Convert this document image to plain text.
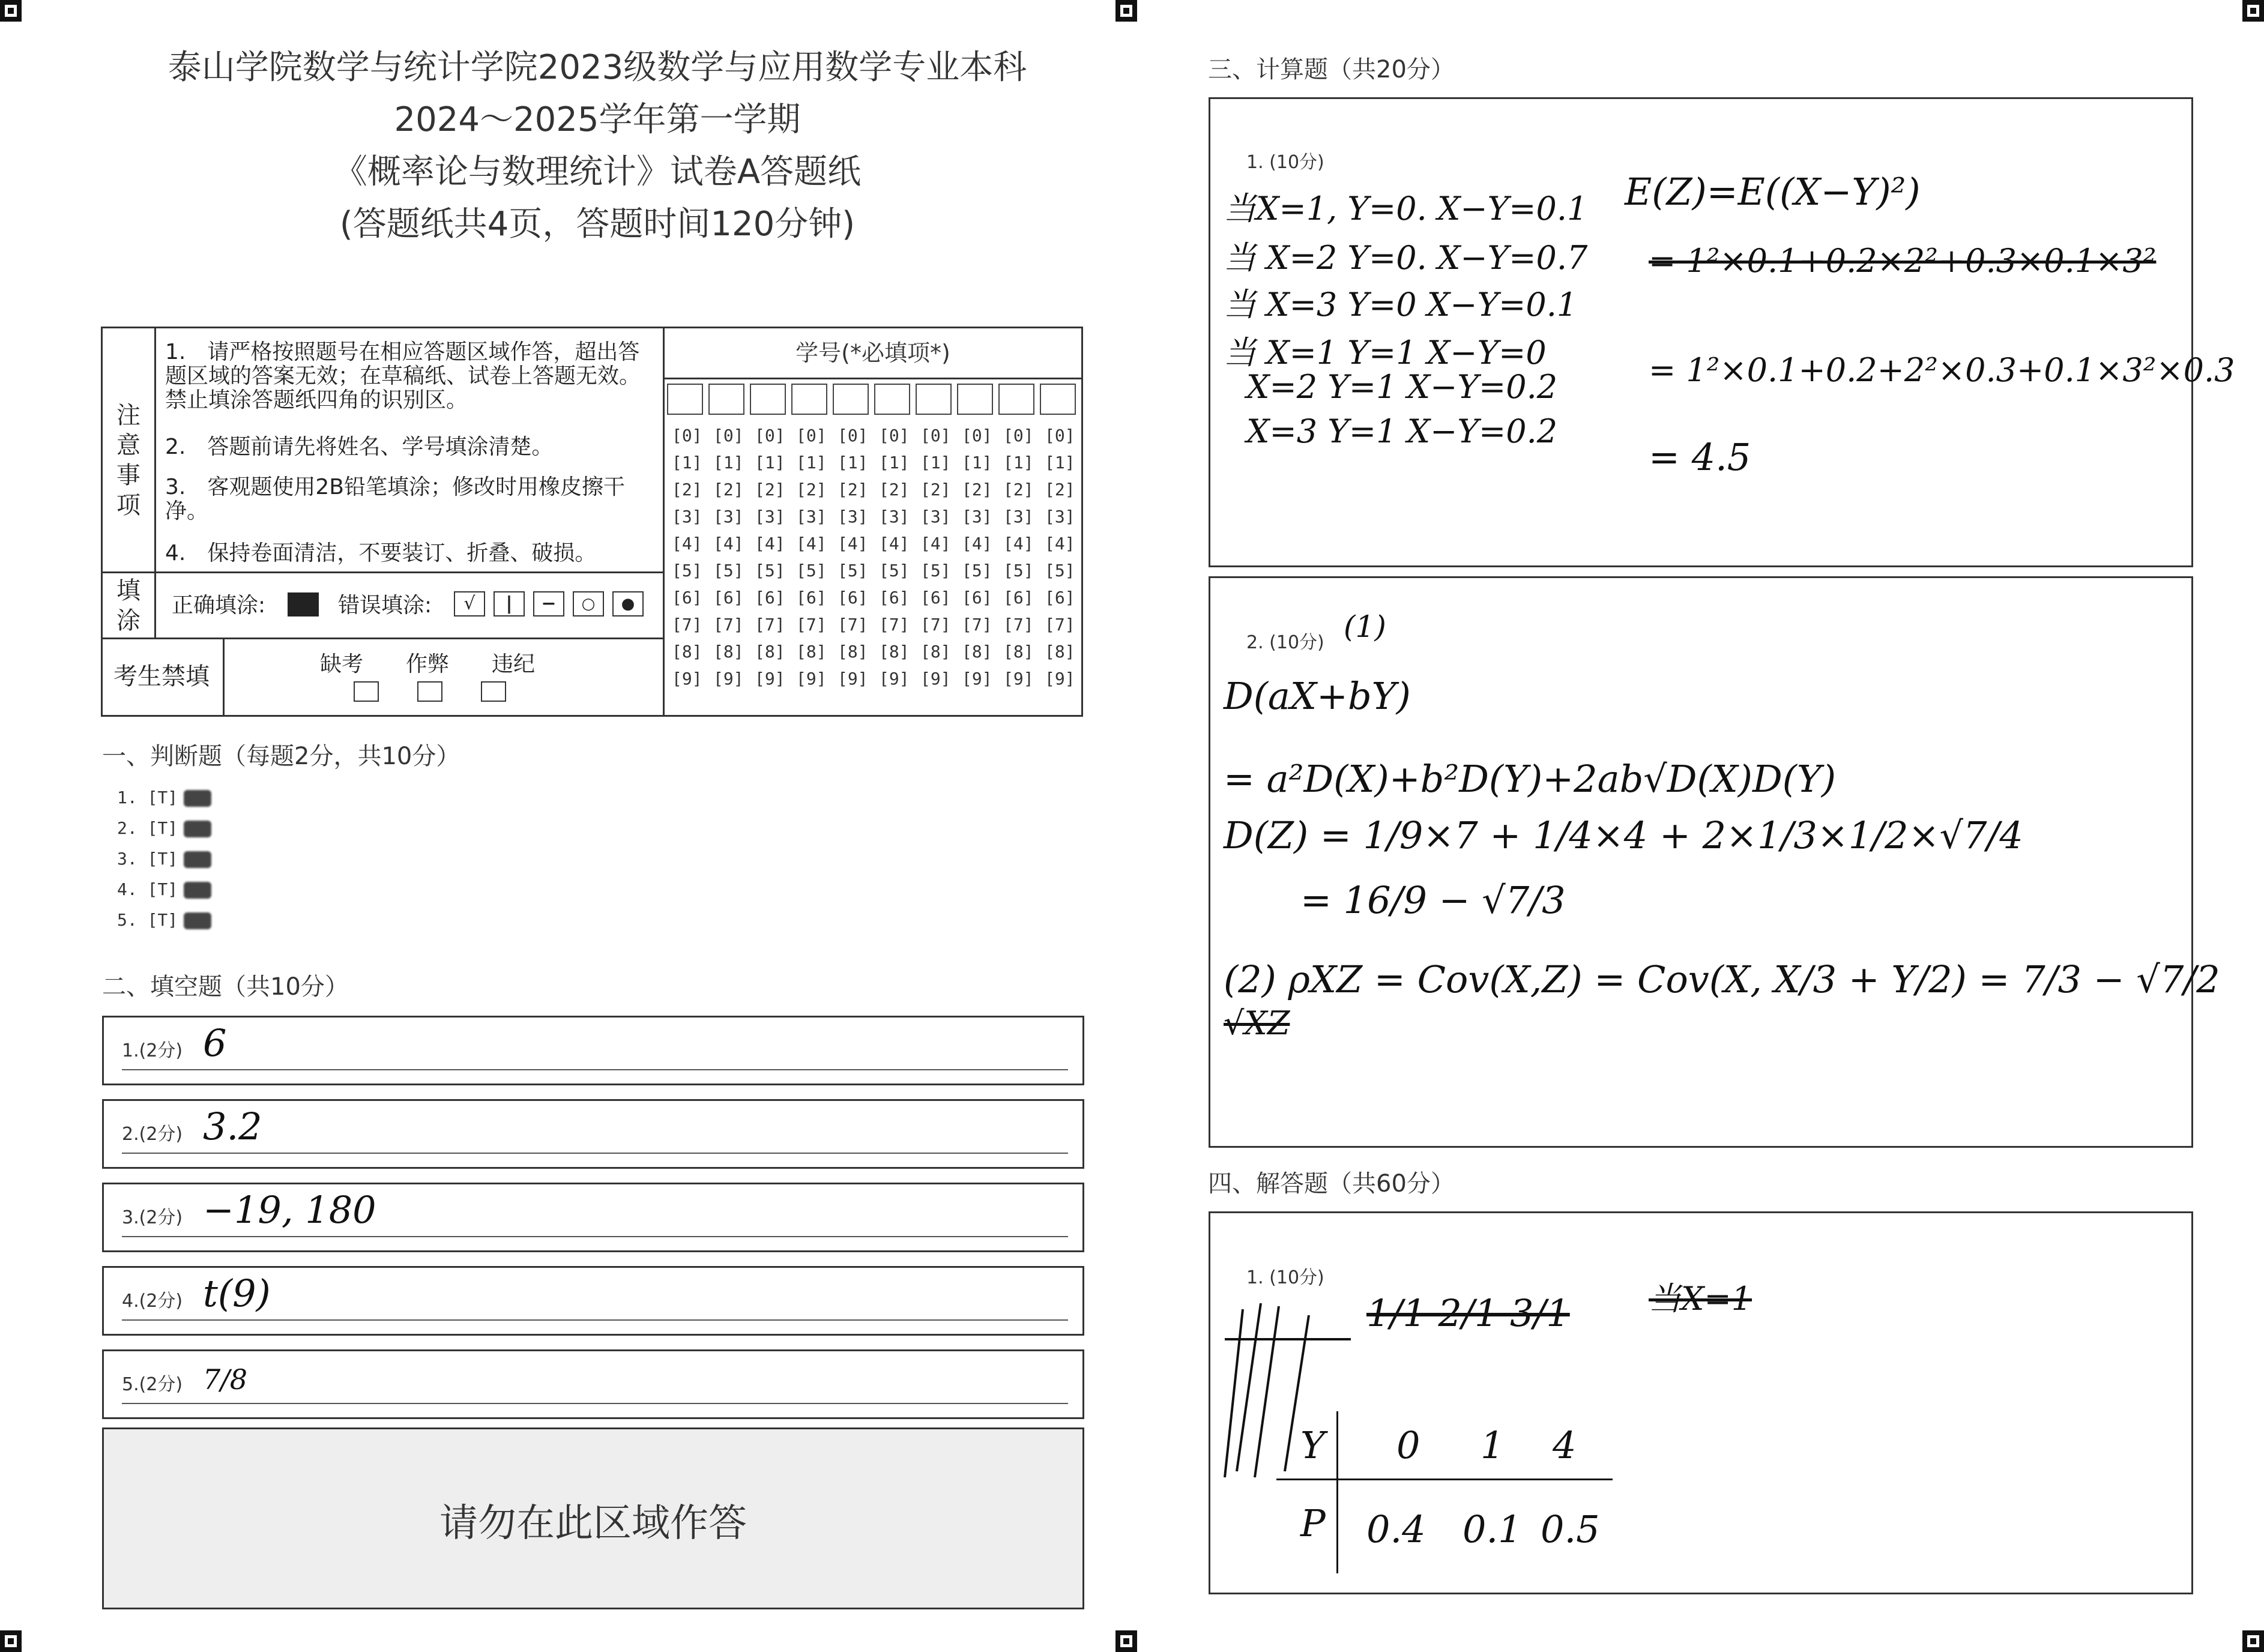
泰山学院数学与统计学院2023级数学与应用数学专业本科
2024～2025学年第一学期
《概率论与数理统计》试卷A答题纸
(答题纸共4页，答题时间120分钟)
注意事项
1.　请严格按照题号在相应答题区域作答，超出答题区域的答案无效；在草稿纸、试卷上答题无效。禁止填涂答题纸四角的识别区。
2.　答题前请先将姓名、学号填涂清楚。
3.　客观题使用2B铅笔填涂；修改时用橡皮擦干净。
4.　保持卷面清洁，不要装订、折叠、破损。
填涂
正确填涂:	错误填涂:	√	|	−	○	●
考生禁填	缺考 作弊 违纪
学号(*必填项*)
[0] [0] [0] [0] [0] [0] [0] [0] [0] [0]
[1] [1] [1] [1] [1] [1] [1] [1] [1] [1]
[2] [2] [2] [2] [2] [2] [2] [2] [2] [2]
[3] [3] [3] [3] [3] [3] [3] [3] [3] [3]
[4] [4] [4] [4] [4] [4] [4] [4] [4] [4]
[5] [5] [5] [5] [5] [5] [5] [5] [5] [5]
[6] [6] [6] [6] [6] [6] [6] [6] [6] [6]
[7] [7] [7] [7] [7] [7] [7] [7] [7] [7]
[8] [8] [8] [8] [8] [8] [8] [8] [8] [8]
[9] [9] [9] [9] [9] [9] [9] [9] [9] [9]
一、判断题（每题2分，共10分）
1. [T]
2. [T]
3. [T]
4. [T]
5. [T]
二、填空题（共10分）
1.(2分) 6
2.(2分) 3.2
3.(2分) −19, 180
4.(2分) t(9)
5.(2分) 7/8
请勿在此区域作答
三、计算题（共20分）
1. (10分)
当X=1, Y=0. X−Y=0.1
当 X=2 Y=0. X−Y=0.7
当 X=3 Y=0 X−Y=0.1
当 X=1 Y=1 X−Y=0
X=2 Y=1 X−Y=0.2
X=3 Y=1 X−Y=0.2
E(Z)=E((X−Y)²)
= 1²×0.1+0.2×2²+0.3×0.1×3²
= 1²×0.1+0.2+2²×0.3+0.1×3²×0.3
= 4.5
2. (10分) (1)
D(aX+bY)
= a²D(X)+b²D(Y)+2ab√D(X)D(Y)
D(Z) = 1/9×7 + 1/4×4 + 2×1/3×1/2×√7/4
= 16/9 − √7/3
(2) ρXZ = Cov(X,Z) = Cov(X, X/3 + Y/2) = 7/3 − √7/2
√XZ
四、解答题（共60分）
1. (10分)
当X=1
1/1 2/1 3/1
Y 0 1 4
P 0.4 0.1 0.5
